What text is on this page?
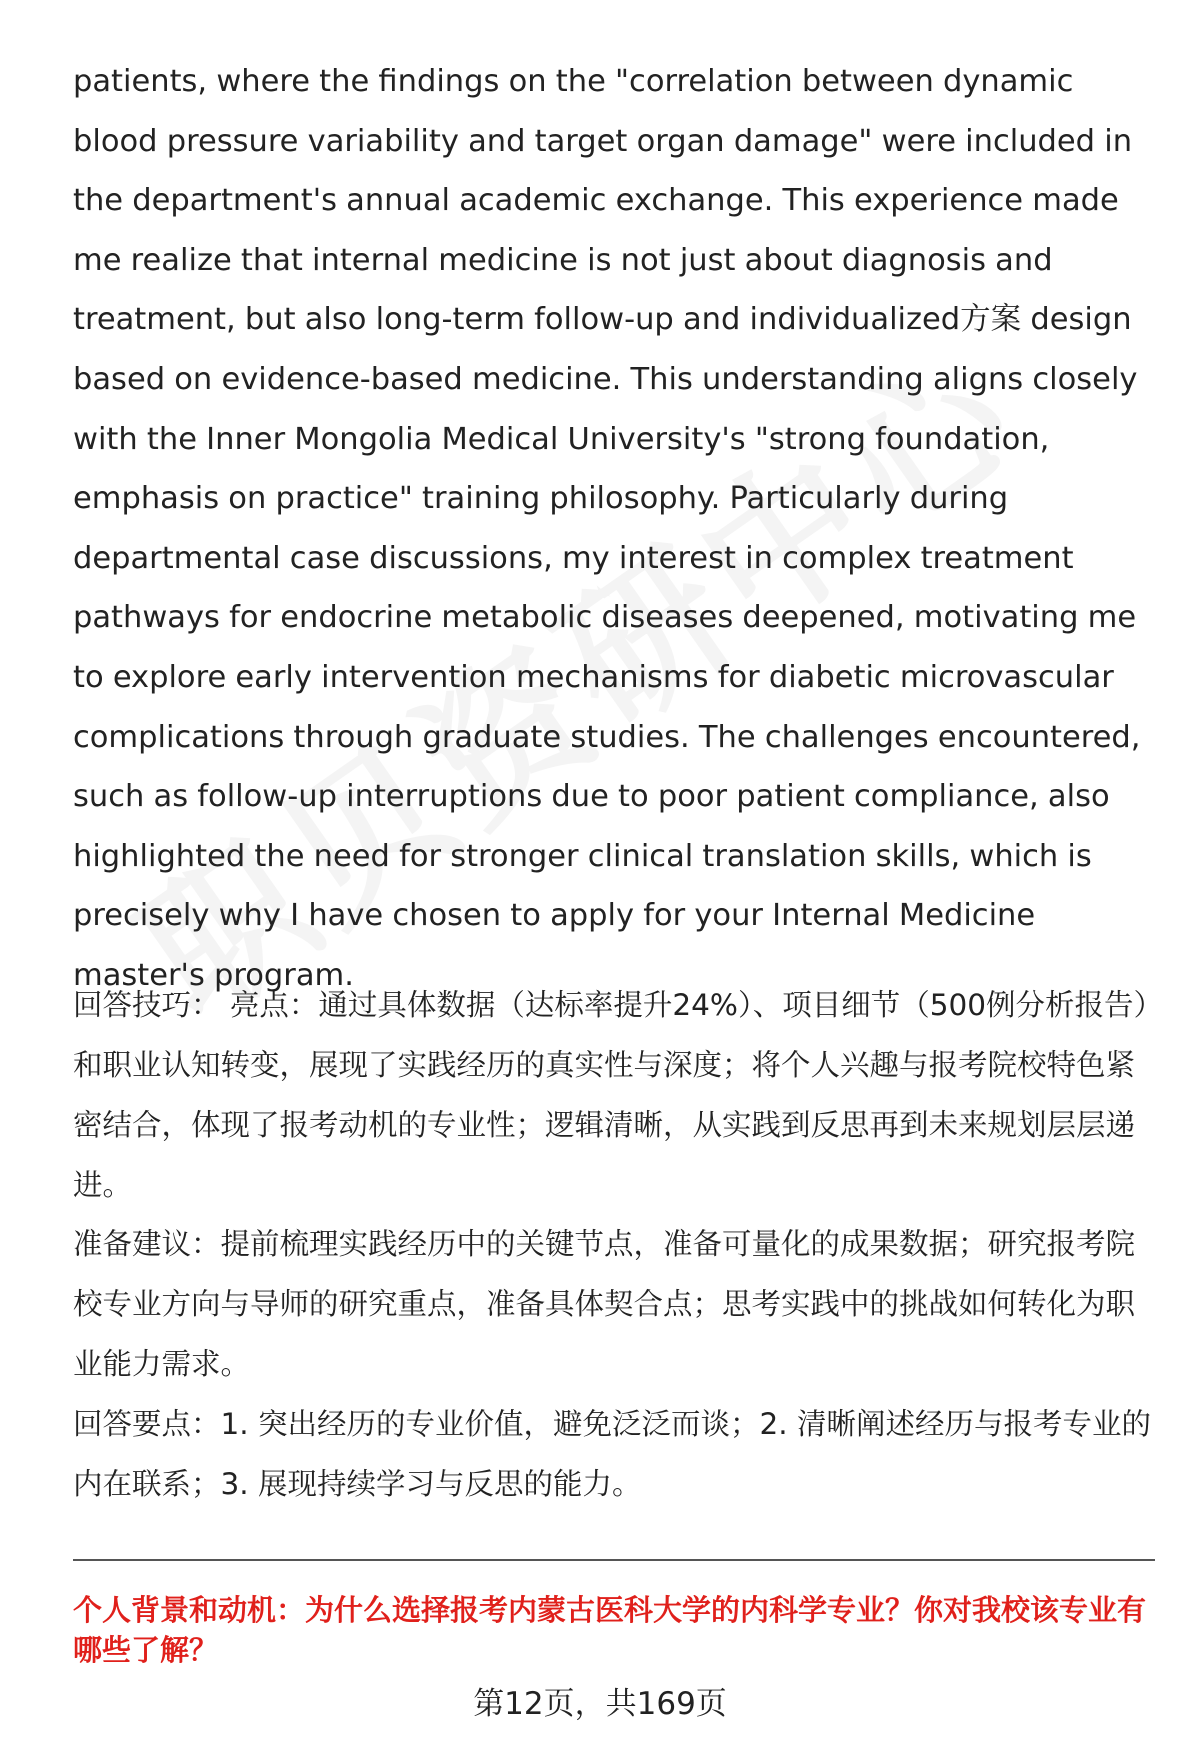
patients, where the findings on the "correlation between dynamic blood pressure variability and target organ damage" were included in the department's annual academic exchange. This experience made me realize that internal medicine is not just about diagnosis and treatment, but also long-term follow-up and individualized方案 design based on evidence-based medicine. This understanding aligns closely with the Inner Mongolia Medical University's "strong foundation, emphasis on practice" training philosophy. Particularly during departmental case discussions, my interest in complex treatment pathways for endocrine metabolic diseases deepened, motivating me to explore early intervention mechanisms for diabetic microvascular complications through graduate studies. The challenges encountered, such as follow-up interruptions due to poor patient compliance, also highlighted the need for stronger clinical translation skills, which is precisely why I have chosen to apply for your Internal Medicine master's program.

回答技巧： 亮点：通过具体数据（达标率提升24%）、项目细节（500例分析报告）和职业认知转变，展现了实践经历的真实性与深度；将个人兴趣与报考院校特色紧密结合，体现了报考动机的专业性；逻辑清晰，从实践到反思再到未来规划层层递进。

准备建议：提前梳理实践经历中的关键节点，准备可量化的成果数据；研究报考院校专业方向与导师的研究重点，准备具体契合点；思考实践中的挑战如何转化为职业能力需求。

回答要点：1. 突出经历的专业价值，避免泛泛而谈；2. 清晰阐述经历与报考专业的内在联系；3. 展现持续学习与反思的能力。

个人背景和动机：为什么选择报考内蒙古医科大学的内科学专业？你对我校该专业有哪些了解？

第12页，共169页
